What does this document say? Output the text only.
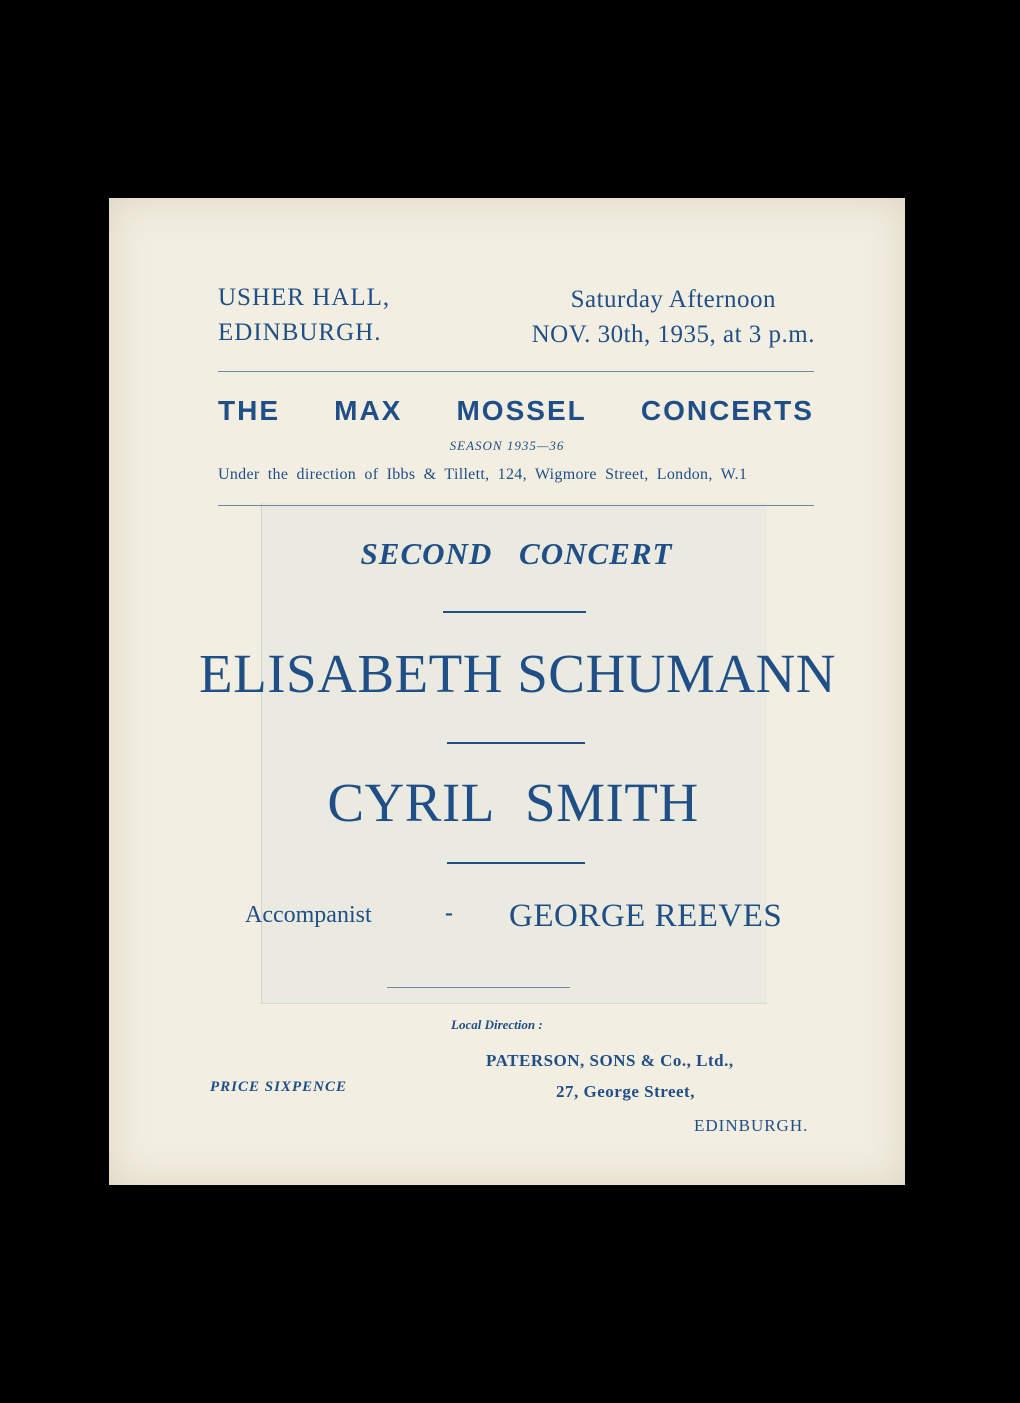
USHER HALL,
EDINBURGH.
Saturday Afternoon
NOV. 30th, 1935, at 3 p.m.
THE MAX MOSSEL CONCERTS
SEASON 1935—36
Under the direction of Ibbs & Tillett, 124, Wigmore Street, London, W.1
SECOND CONCERT
ELISABETH SCHUMANN
CYRIL SMITH
Accompanist	- GEORGE REEVES
Local Direction :
PRICE SIXPENCE
PATERSON, SONS & Co., Ltd.,
27, George Street,
EDINBURGH.
